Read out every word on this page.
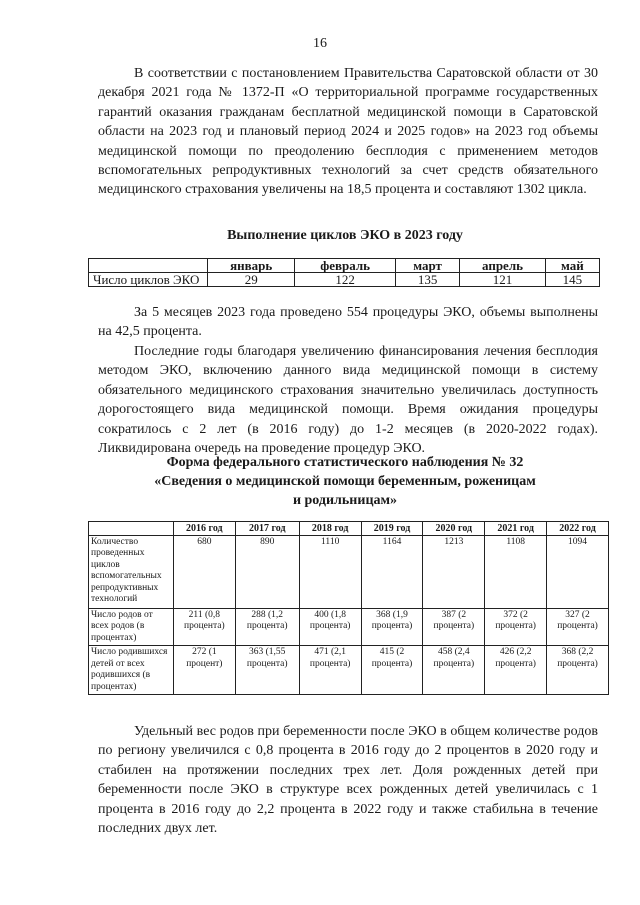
16

В соответствии с постановлением Правительства Саратовской области от 30 декабря 2021 года № 1372-П «О территориальной программе государственных гарантий оказания гражданам бесплатной медицинской помощи в Саратовской области на 2023 год и плановый период 2024 и 2025 годов» на 2023 год объемы медицинской помощи по преодолению бесплодия с применением методов вспомогательных репродуктивных технологий за счет средств обязательного медицинского страхования увеличены на 18,5 процента и составляют 1302 цикла.

Выполнение циклов ЭКО в 2023 году
	январь	февраль	март	апрель	май
Число циклов ЭКО	29	122	135	121	145

За 5 месяцев 2023 года проведено 554 процедуры ЭКО, объемы выполнены на 42,5 процента.

Последние годы благодаря увеличению финансирования лечения бесплодия методом ЭКО, включению данного вида медицинской помощи в систему обязательного медицинского страхования значительно увеличилась доступность дорогостоящего вида медицинской помощи. Время ожидания процедуры сократилось с 2 лет (в 2016 году) до 1-2 месяцев (в 2020-2022 годах). Ликвидирована очередь на проведение процедур ЭКО.

Форма федерального статистического наблюдения № 32
«Сведения о медицинской помощи беременным, роженицам
и родильницам»
	2016 год	2017 год	2018 год	2019 год	2020 год	2021 год	2022 год
Количество проведенных циклов вспомогательных репродуктивных технологий	680	890	1110	1164	1213	1108	1094
Число родов от всех родов (в процентах)	211 (0,8 процента)	288 (1,2 процента)	400 (1,8 процента)	368 (1,9 процента)	387 (2 процента)	372 (2 процента)	327 (2 процента)
Число родившихся детей от всех родившихся (в процентах)	272 (1 процент)	363 (1,55 процента)	471 (2,1 процента)	415 (2 процента)	458 (2,4 процента)	426 (2,2 процента)	368 (2,2 процента)

Удельный вес родов при беременности после ЭКО в общем количестве родов по региону увеличился с 0,8 процента в 2016 году до 2 процентов в 2020 году и стабилен на протяжении последних трех лет. Доля рожденных детей при беременности после ЭКО в структуре всех рожденных детей увеличилась с 1 процента в 2016 году до 2,2 процента в 2022 году и также стабильна в течение последних двух лет.
